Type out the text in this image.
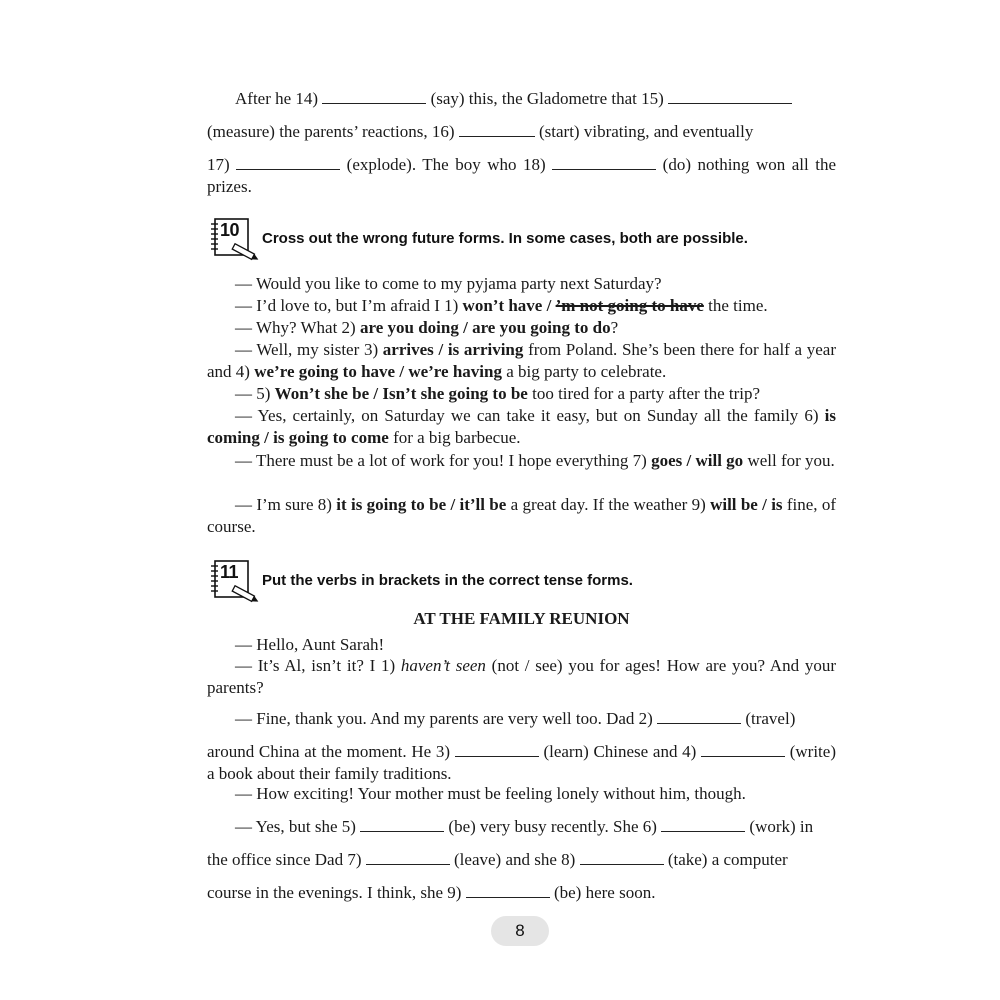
After he 14)	(say) this, the Gladometre that 15)

(measure) the parents’ reactions, 16)	(start) vibrating, and eventually

17)	(explode). The boy who 18)	(do) nothing won all the prizes.

10 Cross out the wrong future forms. In some cases, both are possible.

— Would you like to come to my pyjama party next Saturday?

— I’d love to, but I’m afraid I 1) won’t have / ’m not going to have the time.

— Why? What 2) are you doing / are you going to do?

— Well, my sister 3) arrives / is arriving from Poland. She’s been there for half a year and 4) we’re going to have / we’re having a big party to celebrate.

— 5) Won’t she be / Isn’t she going to be too tired for a party after the trip?

— Yes, certainly, on Saturday we can take it easy, but on Sunday all the family 6) is coming / is going to come for a big barbecue.

— There must be a lot of work for you! I hope everything 7) goes / will go well for you.

— I’m sure 8) it is going to be / it’ll be a great day. If the weather 9) will be / is fine, of course.

11 Put the verbs in brackets in the correct tense forms.
AT THE FAMILY REUNION

— Hello, Aunt Sarah!

— It’s Al, isn’t it? I 1) haven’t seen (not / see) you for ages! How are you? And your parents?

— Fine, thank you. And my parents are very well too. Dad 2)	(travel)

around China at the moment. He 3)	(learn) Chinese and 4)	(write) a book about their family traditions.

— How exciting! Your mother must be feeling lonely without him, though.

— Yes, but she 5)	(be) very busy recently. She 6)	(work) in

the office since Dad 7)	(leave) and she 8)	(take) a computer

course in the evenings. I think, she 9)	(be) here soon.

8
